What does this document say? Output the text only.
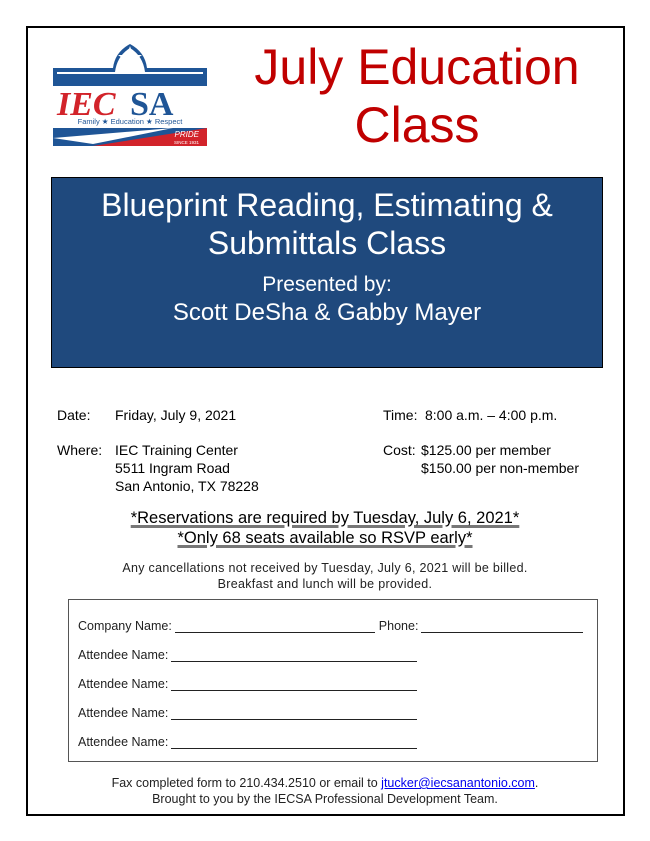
IEC SA
Family ★ Education ★ Respect
PRIDE
SINCE 1931
July Education Class
Blueprint Reading, Estimating & Submittals Class
Presented by:
Scott DeSha & Gabby Mayer
Date: Friday, July 9, 2021	Time: 8:00 a.m. – 4:00 p.m.
Where: IEC Training Center
5511 Ingram Road
San Antonio, TX 78228
Cost: $125.00 per member
$150.00 per non-member
*Reservations are required by Tuesday, July 6, 2021*
*Only 68 seats available so RSVP early*
Any cancellations not received by Tuesday, July 6, 2021 will be billed.
Breakfast and lunch will be provided.
Company Name:	Phone:
Attendee Name:
Attendee Name:
Attendee Name:
Attendee Name:
Fax completed form to 210.434.2510 or email to jtucker@iecsanantonio.com.
Brought to you by the IECSA Professional Development Team.
